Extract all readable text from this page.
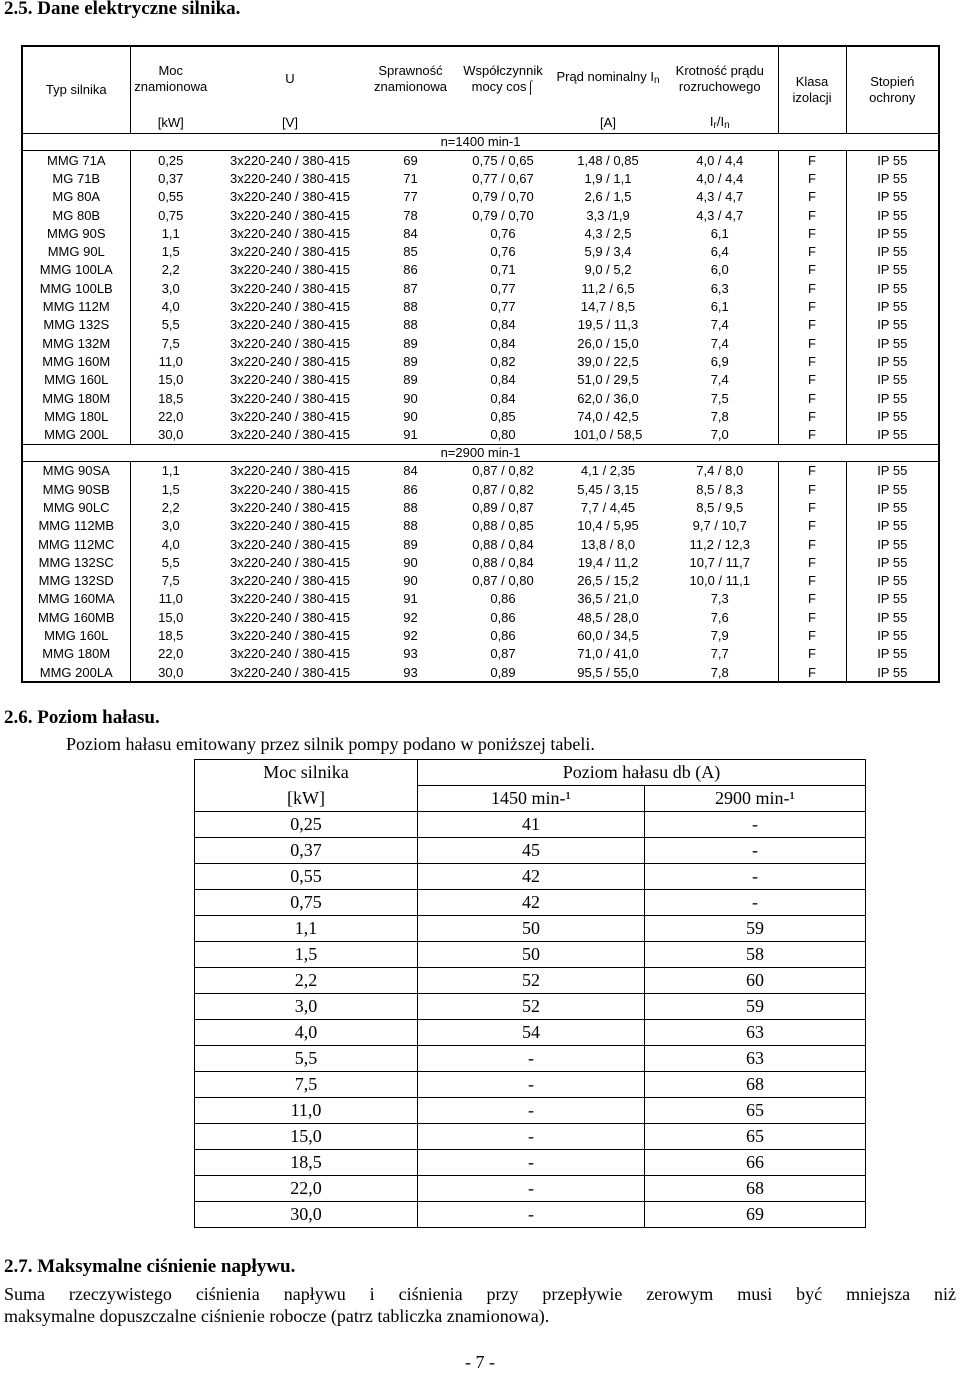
2.5. Dane elektryczne silnika.
Typ silnika	Moc znamionowa	U	Sprawność znamionowa	Współczynnik mocy cos⌠	Prąd nominalny $I_n$	Krotność prądu rozruchowego	Klasa izolacji	Stopień ochrony
	[kW]	[V]			[A]	$I_r/I_n$
n=1400 min-1								
MMG 71A	0,25	3x220-240 / 380-415	69	0,75 / 0,65	1,48 / 0,85	4,0 / 4,4	F	IP 55
MG 71B	0,37	3x220-240 / 380-415	71	0,77 / 0,67	1,9 / 1,1	4,0 / 4,4	F	IP 55
MG 80A	0,55	3x220-240 / 380-415	77	0,79 / 0,70	2,6 / 1,5	4,3 / 4,7	F	IP 55
MG 80B	0,75	3x220-240 / 380-415	78	0,79 / 0,70	3,3 /1,9	4,3 / 4,7	F	IP 55
MMG 90S	1,1	3x220-240 / 380-415	84	0,76	4,3 / 2,5	6,1	F	IP 55
MMG 90L	1,5	3x220-240 / 380-415	85	0,76	5,9 / 3,4	6,4	F	IP 55
MMG 100LA	2,2	3x220-240 / 380-415	86	0,71	9,0 / 5,2	6,0	F	IP 55
MMG 100LB	3,0	3x220-240 / 380-415	87	0,77	11,2 / 6,5	6,3	F	IP 55
MMG 112M	4,0	3x220-240 / 380-415	88	0,77	14,7 / 8,5	6,1	F	IP 55
MMG 132S	5,5	3x220-240 / 380-415	88	0,84	19,5 / 11,3	7,4	F	IP 55
MMG 132M	7,5	3x220-240 / 380-415	89	0,84	26,0 / 15,0	7,4	F	IP 55
MMG 160M	11,0	3x220-240 / 380-415	89	0,82	39,0 / 22,5	6,9	F	IP 55
MMG 160L	15,0	3x220-240 / 380-415	89	0,84	51,0 / 29,5	7,4	F	IP 55
MMG 180M	18,5	3x220-240 / 380-415	90	0,84	62,0 / 36,0	7,5	F	IP 55
MMG 180L	22,0	3x220-240 / 380-415	90	0,85	74,0 / 42,5	7,8	F	IP 55
MMG 200L	30,0	3x220-240 / 380-415	91	0,80	101,0 / 58,5	7,0	F	IP 55
n=2900 min-1								
MMG 90SA	1,1	3x220-240 / 380-415	84	0,87 / 0,82	4,1 / 2,35	7,4 / 8,0	F	IP 55
MMG 90SB	1,5	3x220-240 / 380-415	86	0,87 / 0,82	5,45 / 3,15	8,5 / 8,3	F	IP 55
MMG 90LC	2,2	3x220-240 / 380-415	88	0,89 / 0,87	7,7 / 4,45	8,5 / 9,5	F	IP 55
MMG 112MB	3,0	3x220-240 / 380-415	88	0,88 / 0,85	10,4 / 5,95	9,7 / 10,7	F	IP 55
MMG 112MC	4,0	3x220-240 / 380-415	89	0,88 / 0,84	13,8 / 8,0	11,2 / 12,3	F	IP 55
MMG 132SC	5,5	3x220-240 / 380-415	90	0,88 / 0,84	19,4 / 11,2	10,7 / 11,7	F	IP 55
MMG 132SD	7,5	3x220-240 / 380-415	90	0,87 / 0,80	26,5 / 15,2	10,0 / 11,1	F	IP 55
MMG 160MA	11,0	3x220-240 / 380-415	91	0,86	36,5 / 21,0	7,3	F	IP 55
MMG 160MB	15,0	3x220-240 / 380-415	92	0,86	48,5 / 28,0	7,6	F	IP 55
MMG 160L	18,5	3x220-240 / 380-415	92	0,86	60,0 / 34,5	7,9	F	IP 55
MMG 180M	22,0	3x220-240 / 380-415	93	0,87	71,0 / 41,0	7,7	F	IP 55
MMG 200LA	30,0	3x220-240 / 380-415	93	0,89	95,5 / 55,0	7,8	F	IP 55
2.6. Poziom hałasu.

Poziom hałasu emitowany przez silnik pompy podano w poniższej tabeli.

Moc silnika	Poziom hałasu db (A)	
[kW]	1450 min-¹	2900 min-¹
0,25	41	-
0,37	45	-
0,55	42	-
0,75	42	-
1,1	50	59
1,5	50	58
2,2	52	60
3,0	52	59
4,0	54	63
5,5	-	63
7,5	-	68
11,0	-	65
15,0	-	65
18,5	-	66
22,0	-	68
30,0	-	69
2.7. Maksymalne ciśnienie napływu.

Suma rzeczywistego ciśnienia napływu i ciśnienia przy przepływie zerowym musi być mniejsza niż

maksymalne dopuszczalne ciśnienie robocze (patrz tabliczka znamionowa).

- 7 -
